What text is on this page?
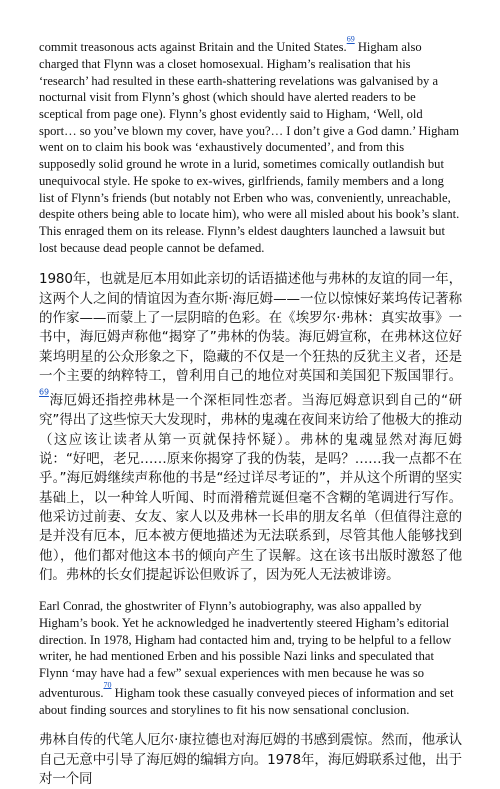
commit treasonous acts against Britain and the United States.$^{^{69}}$ Higham also charged that Flynn was a closet homosexual. Higham’s realisation that his ‘research’ had resulted in these earth-shattering revelations was galvanised by a nocturnal visit from Flynn’s ghost (which should have alerted readers to be sceptical from page one). Flynn’s ghost evidently said to Higham, ‘Well, old sport… so you’ve blown my cover, have you?… I don’t give a God damn.’ Higham went on to claim his book was ‘exhaustively documented’, and from this supposedly solid ground he wrote in a lurid, sometimes comically outlandish but unequivocal style. He spoke to ex-wives, girlfriends, family members and a long list of Flynn’s friends (but notably not Erben who was, conveniently, unreachable, despite others being able to locate him), who were all misled about his book’s slant. This enraged them on its release. Flynn’s eldest daughters launched a lawsuit but lost because dead people cannot be defamed.

1980年，也就是厄本用如此亲切的话语描述他与弗林的友谊的同一年，这两个人之间的情谊因为查尔斯·海厄姆——一位以惊悚好莱坞传记著称的作家——而蒙上了一层阴暗的色彩。在《埃罗尔·弗林：真实故事》一书中，海厄姆声称他“揭穿了”弗林的伪装。海厄姆宣称，在弗林这位好莱坞明星的公众形象之下，隐藏的不仅是一个狂热的反犹主义者，还是一个主要的纳粹特工，曾利用自己的地位对英国和美国犯下叛国罪行。$^{^{69}}$海厄姆还指控弗林是一个深柜同性恋者。当海厄姆意识到自己的“研究”得出了这些惊天大发现时，弗林的鬼魂在夜间来访给了他极大的推动（这应该让读者从第一页就保持怀疑）。弗林的鬼魂显然对海厄姆说：“好吧，老兄……原来你揭穿了我的伪装，是吗？……我一点都不在乎。”海厄姆继续声称他的书是“经过详尽考证的”，并从这个所谓的坚实基础上，以一种耸人听闻、时而滑稽荒诞但毫不含糊的笔调进行写作。他采访过前妻、女友、家人以及弗林一长串的朋友名单（但值得注意的是并没有厄本，厄本被方便地描述为无法联系到，尽管其他人能够找到他），他们都对他这本书的倾向产生了误解。这在该书出版时激怒了他们。弗林的长女们提起诉讼但败诉了，因为死人无法被诽谤。

Earl Conrad, the ghostwriter of Flynn’s autobiography, was also appalled by Higham’s book. Yet he acknowledged he inadvertently steered Higham’s editorial direction. In 1978, Higham had contacted him and, trying to be helpful to a fellow writer, he had mentioned Erben and his possible Nazi links and speculated that Flynn ‘may have had a few” sexual experiences with men because he was so adventurous.$^{^{70}}$ Higham took these casually conveyed pieces of information and set about finding sources and storylines to fit his now sensational conclusion.

弗林自传的代笔人厄尔·康拉德也对海厄姆的书感到震惊。然而，他承认自己无意中引导了海厄姆的编辑方向。1978年，海厄姆联系过他，出于对一个同
